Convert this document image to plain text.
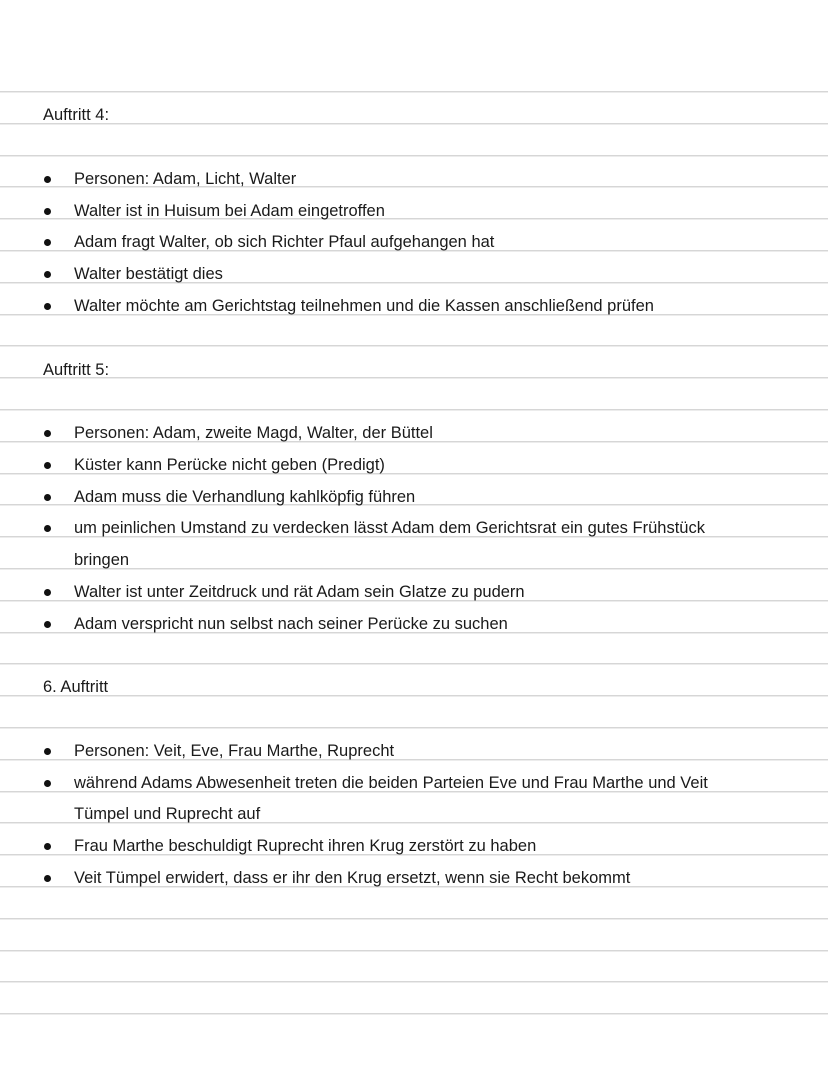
Auftritt 4:
Personen: Adam, Licht, Walter
Walter ist in Huisum bei Adam eingetroffen
Adam fragt Walter, ob sich Richter Pfaul aufgehangen hat
Walter bestätigt dies
Walter möchte am Gerichtstag teilnehmen und die Kassen anschließend prüfen
Auftritt 5:
Personen: Adam, zweite Magd, Walter, der Büttel
Küster kann Perücke nicht geben (Predigt)
Adam muss die Verhandlung kahlköpfig führen
um peinlichen Umstand zu verdecken lässt Adam dem Gerichtsrat ein gutes Frühstück
bringen
Walter ist unter Zeitdruck und rät Adam sein Glatze zu pudern
Adam verspricht nun selbst nach seiner Perücke zu suchen
6. Auftritt
Personen: Veit, Eve, Frau Marthe, Ruprecht
während Adams Abwesenheit treten die beiden Parteien Eve und Frau Marthe und Veit
Tümpel und Ruprecht auf
Frau Marthe beschuldigt Ruprecht ihren Krug zerstört zu haben
Veit Tümpel erwidert, dass er ihr den Krug ersetzt, wenn sie Recht bekommt
